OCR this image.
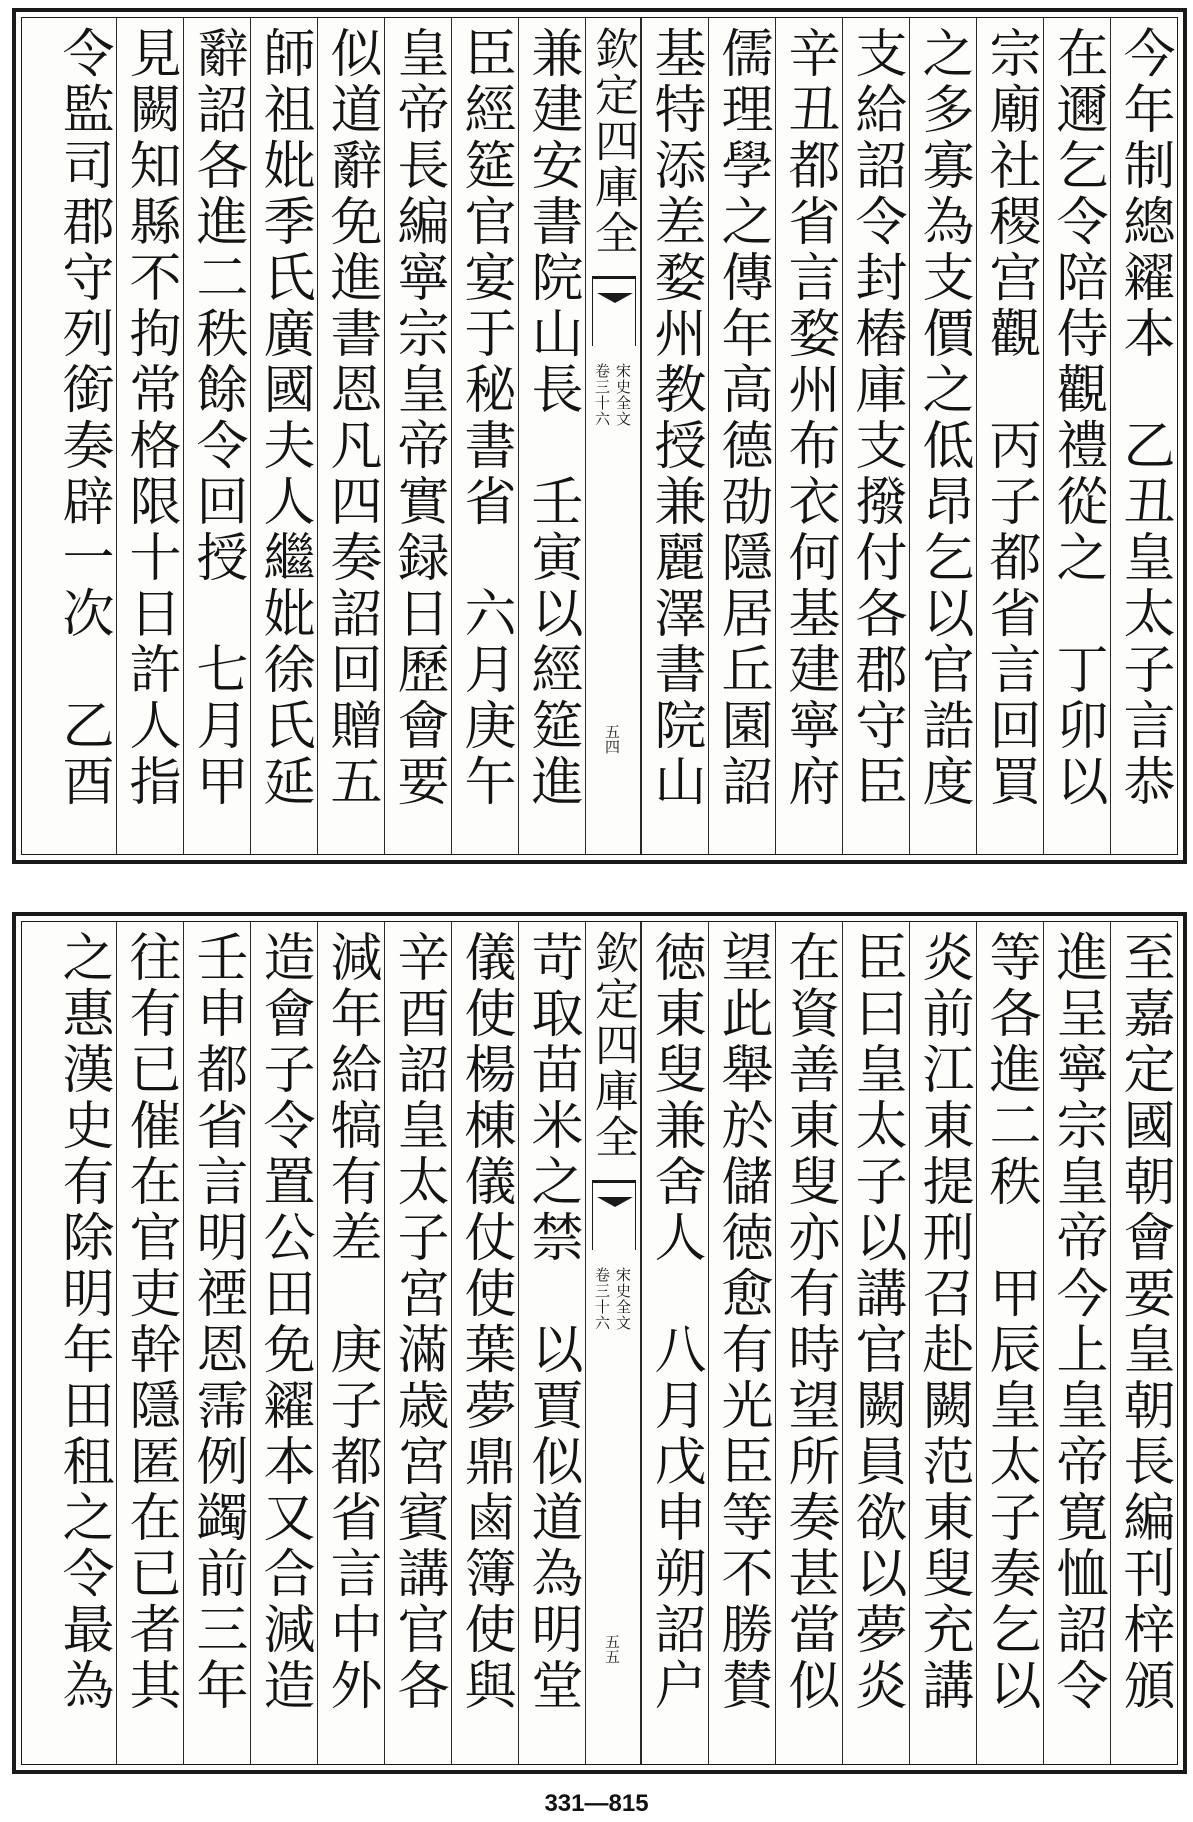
今年制總糴本　乙丑皇太子言恭
在邇乞令陪侍觀禮從之　丁卯以
宗廟社稷宫觀　丙子都省言回買
之多寡為支價之低昂乞以官誥度
支給詔令封樁庫支撥付各郡守臣　
辛丑都省言婺州布衣何基建寧府
儒理學之傳年高德劭隱居丘園詔
基特添差婺州教授兼麗澤書院山
欽定四庫全
宋史全文
卷三十六
五四
兼建安書院山長　壬寅以經筵進
臣經筵官宴于秘書省　六月庚午
皇帝長編寧宗皇帝實録日歷會要　
似道辭免進書恩凡四奏詔回贈五
師祖妣季氏廣國夫人繼妣徐氏延
辭詔各進二秩餘令回授　七月甲
見闕知縣不拘常格限十日許人指
令監司郡守列銜奏辟一次　乙酉
至嘉定國朝會要皇朝長編刊梓頒　
進呈寧宗皇帝今上皇帝寛恤詔令
等各進二秩　甲辰皇太子奏乞以
炎前江東提刑召赴闕范東叟充講　
臣曰皇太子以講官闕員欲以夢炎
在資善東叟亦有時望所奏甚當似
望此舉於儲徳愈有光臣等不勝賛
徳東叟兼舍人　八月戊申朔詔户
欽定四庫全
宋史全文
卷三十六
五五
苛取苗米之禁　以賈似道為明堂
儀使楊棟儀仗使葉夢鼎鹵簿使與
辛酉詔皇太子宮滿歳宮賓講官各
減年給犒有差　庚子都省言中外
造會子令置公田免糴本又合減造
壬申都省言明禋恩霈例蠲前三年
往有已催在官吏幹隱匿在已者其
之惠漢史有除明年田租之令最為
331—815
